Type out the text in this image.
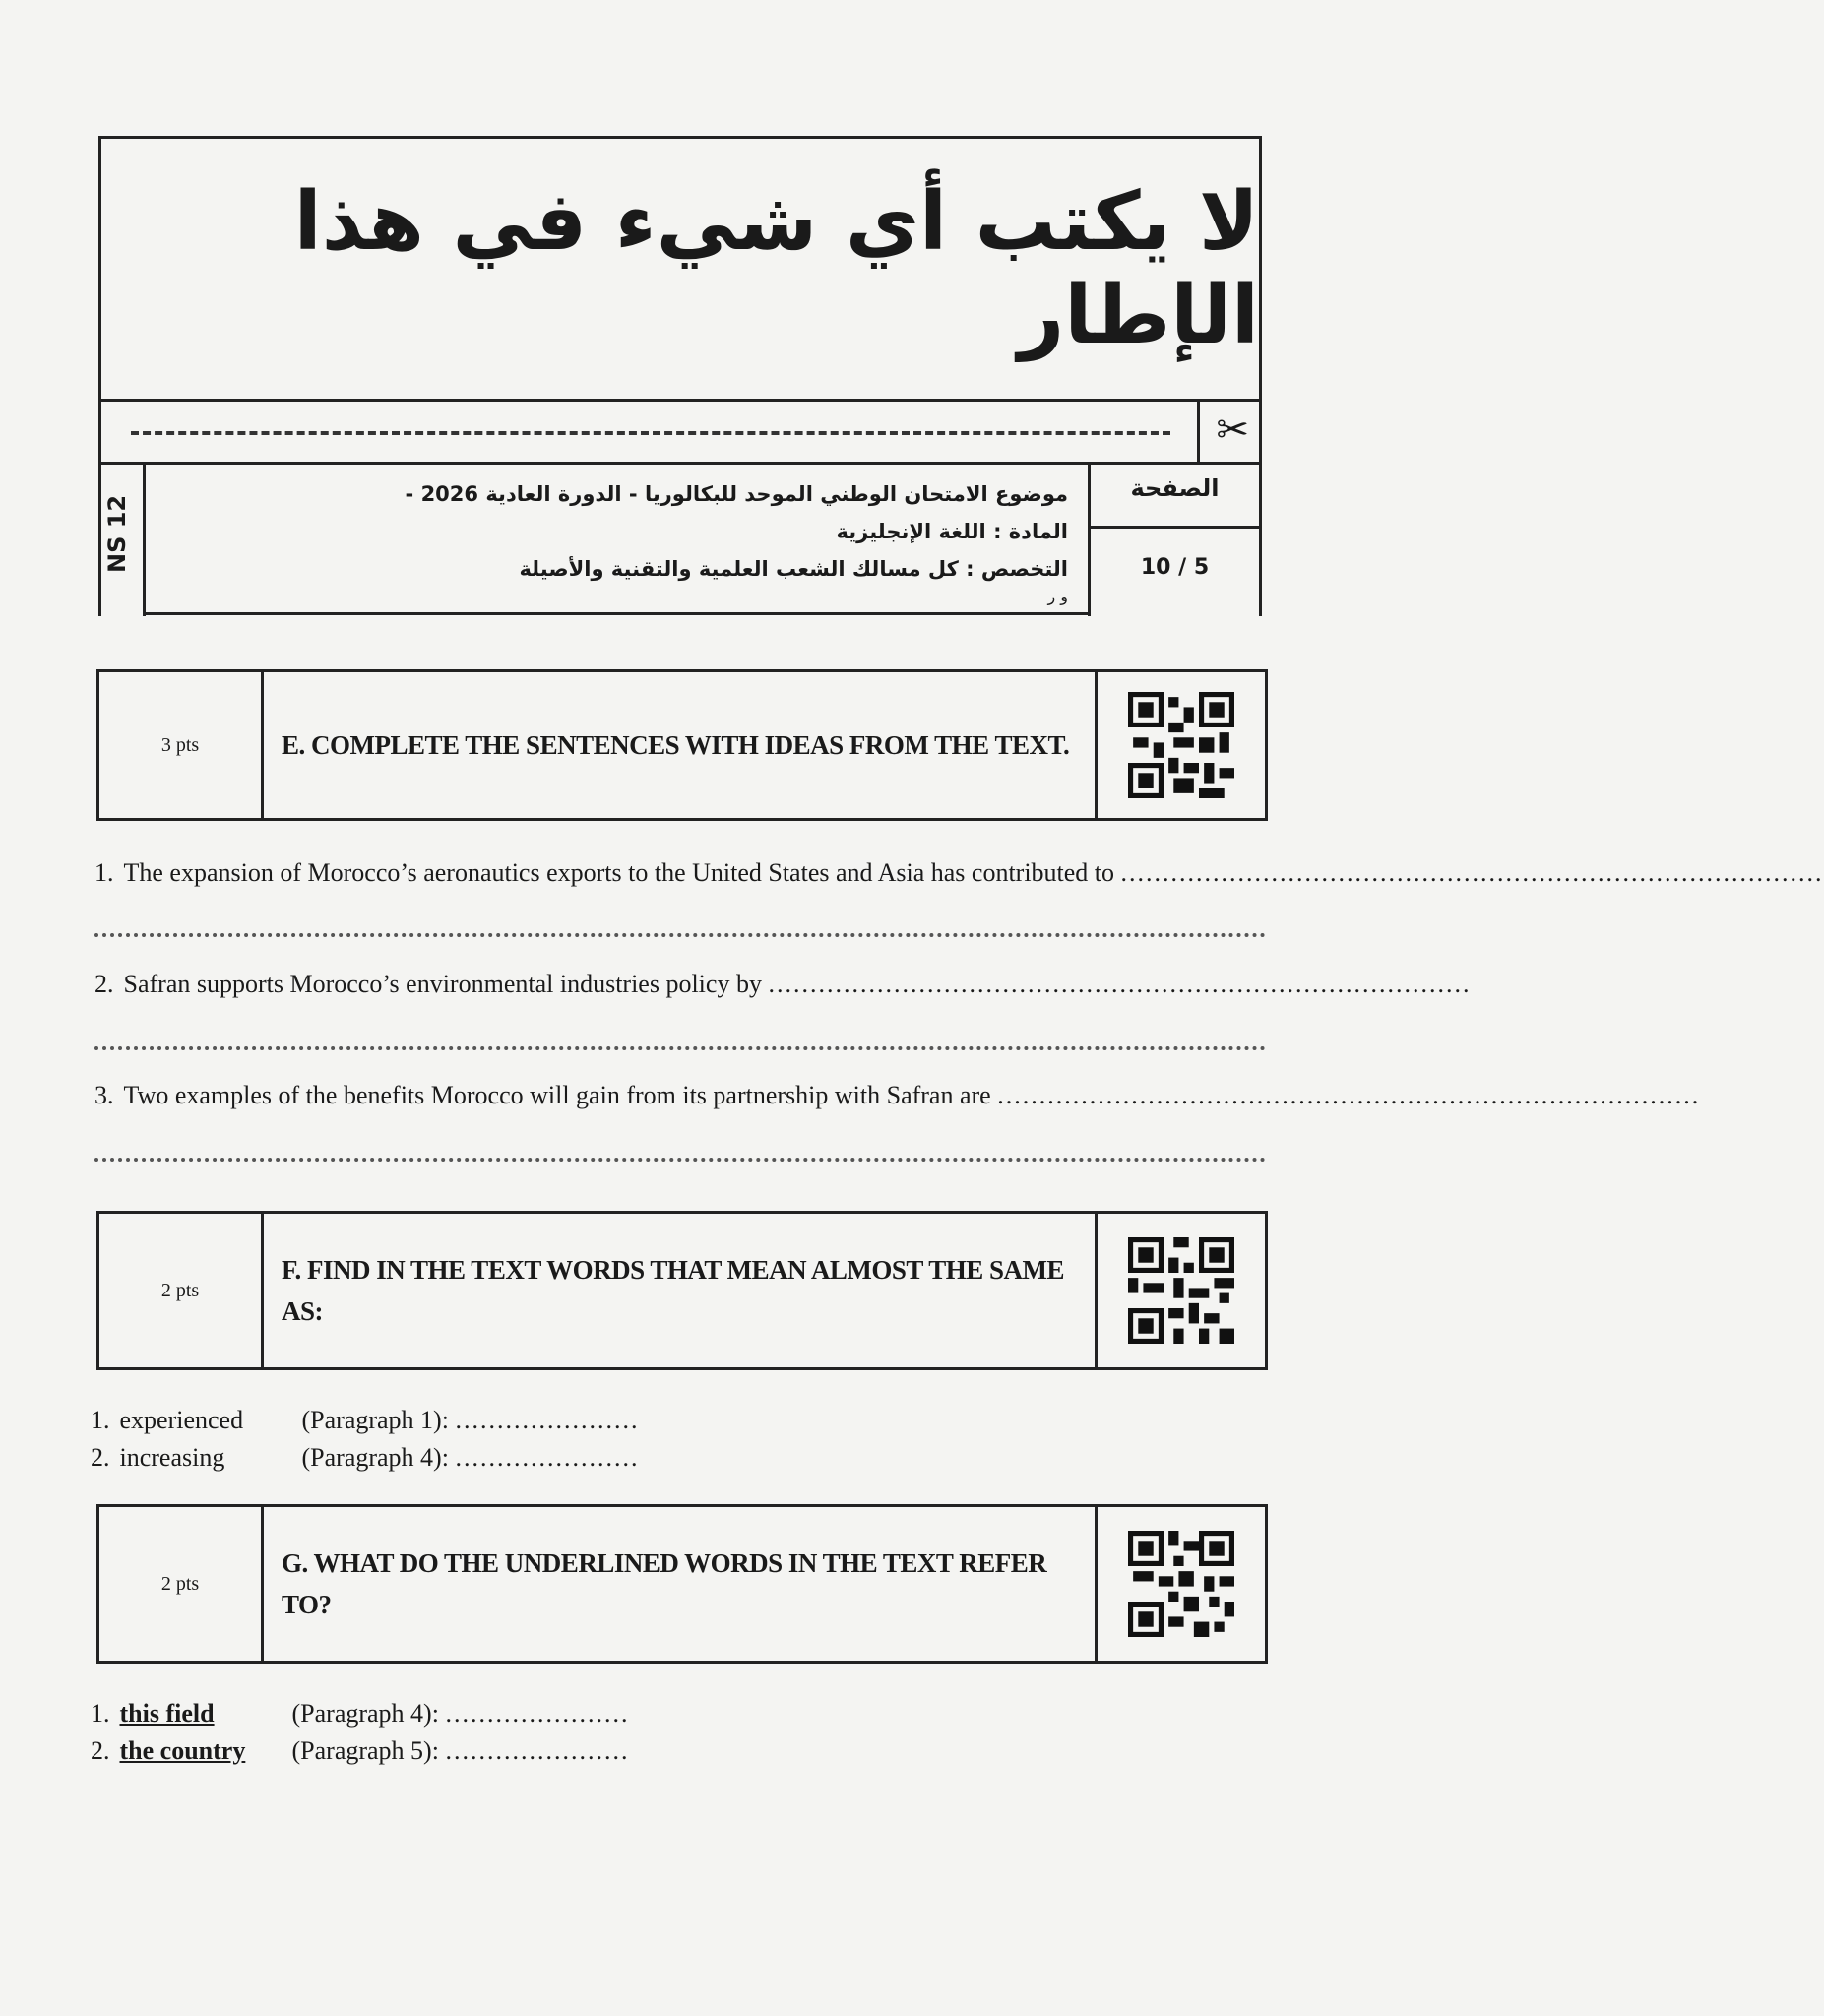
لا يكتب أي شيء في هذا الإطار
✂
NS 12
موضوع الامتحان الوطني الموحد للبكالوريا - الدورة العادية 2026 -
المادة : اللغة الإنجليزية
التخصص : كل مسالك الشعب العلمية والتقنية والأصيلة
و ر
الصفحة
10 / 5
3 pts	E. COMPLETE THE SENTENCES WITH IDEAS FROM THE TEXT.
1. The expansion of Morocco’s aeronautics exports to the United States and Asia has contributed to ....................................................................................
2. Safran supports Morocco’s environmental industries policy by ....................................................................................
3. Two examples of the benefits Morocco will gain from its partnership with Safran are ....................................................................................
2 pts
F. FIND IN THE TEXT WORDS THAT MEAN ALMOST THE SAME AS:
1. experienced (Paragraph 1): ......................
2. increasing	(Paragraph 4): ......................
2 pts
G. WHAT DO THE UNDERLINED WORDS IN THE TEXT REFER TO?
1. this field	(Paragraph 4): ......................
2. the country (Paragraph 5): ......................
